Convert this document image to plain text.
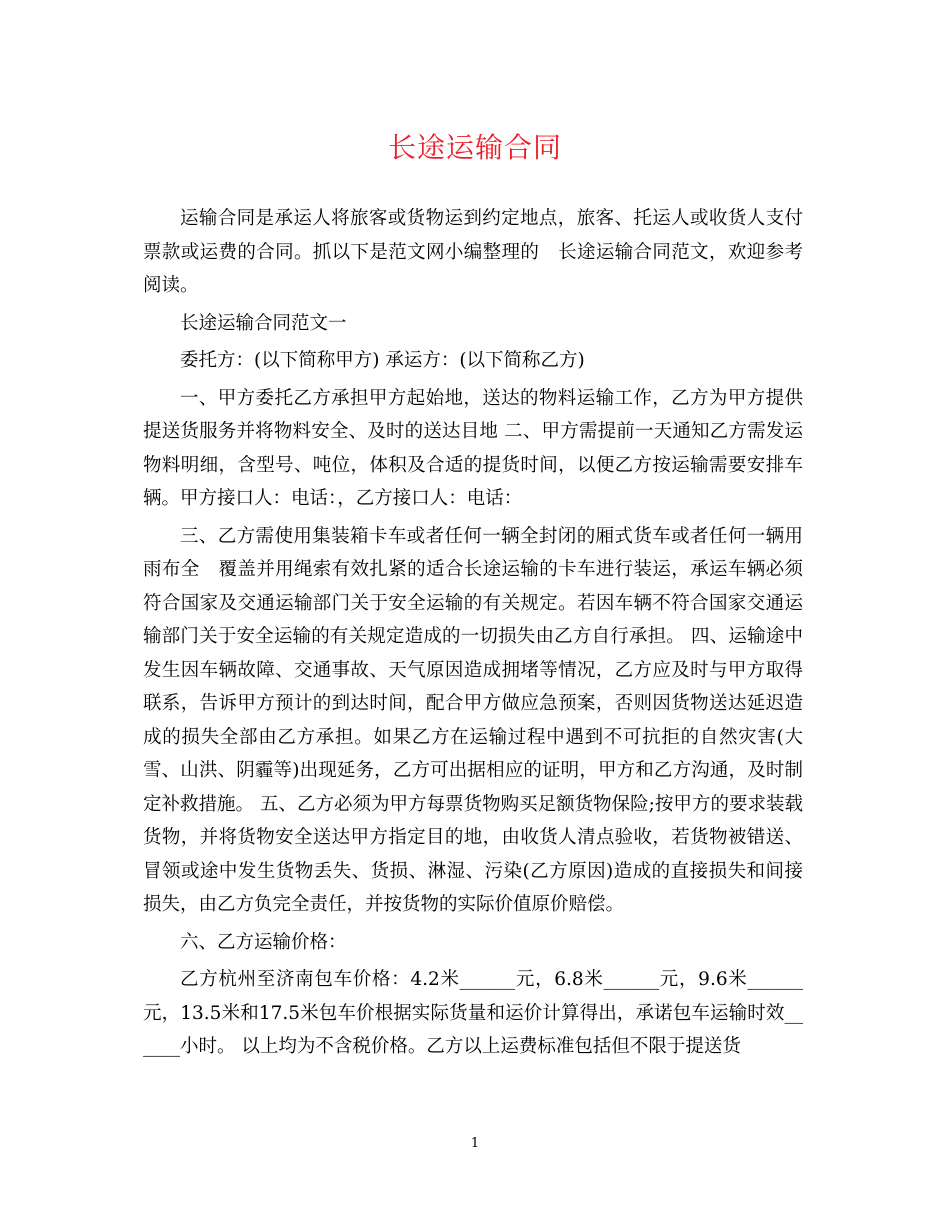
长途运输合同

运输合同是承运人将旅客或货物运到约定地点，旅客、托运人或收货人支付票款或运费的合同。抓以下是范文网小编整理的　长途运输合同范文，欢迎参考阅读。

长途运输合同范文一

委托方：(以下简称甲方) 承运方：(以下简称乙方)

一、甲方委托乙方承担甲方起始地，送达的物料运输工作，乙方为甲方提供提送货服务并将物料安全、及时的送达目地 二、甲方需提前一天通知乙方需发运物料明细，含型号、吨位，体积及合适的提货时间，以便乙方按运输需要安排车辆。甲方接口人：电话：，乙方接口人：电话：

三、乙方需使用集装箱卡车或者任何一辆全封闭的厢式货车或者任何一辆用雨布全　覆盖并用绳索有效扎紧的适合长途运输的卡车进行装运，承运车辆必须符合国家及交通运输部门关于安全运输的有关规定。若因车辆不符合国家交通运输部门关于安全运输的有关规定造成的一切损失由乙方自行承担。 四、运输途中发生因车辆故障、交通事故、天气原因造成拥堵等情况，乙方应及时与甲方取得联系，告诉甲方预计的到达时间，配合甲方做应急预案，否则因货物送达延迟造成的损失全部由乙方承担。如果乙方在运输过程中遇到不可抗拒的自然灾害(大雪、山洪、阴霾等)出现延务，乙方可出据相应的证明，甲方和乙方沟通，及时制定补救措施。 五、乙方必须为甲方每票货物购买足额货物保险;按甲方的要求装载货物，并将货物安全送达甲方指定目的地，由收货人清点验收，若货物被错送、冒领或途中发生货物丢失、货损、淋湿、污染(乙方原因)造成的直接损失和间接损失，由乙方负完全责任，并按货物的实际价值原价赔偿。

六、乙方运输价格：

乙方杭州至济南包车价格：4.2米______元，6.8米______元，9.6米______元，13.5米和17.5米包车价根据实际货量和运价计算得出，承诺包车运输时效______小时。 以上均为不含税价格。乙方以上运费标准包括但不限于提送货

1
